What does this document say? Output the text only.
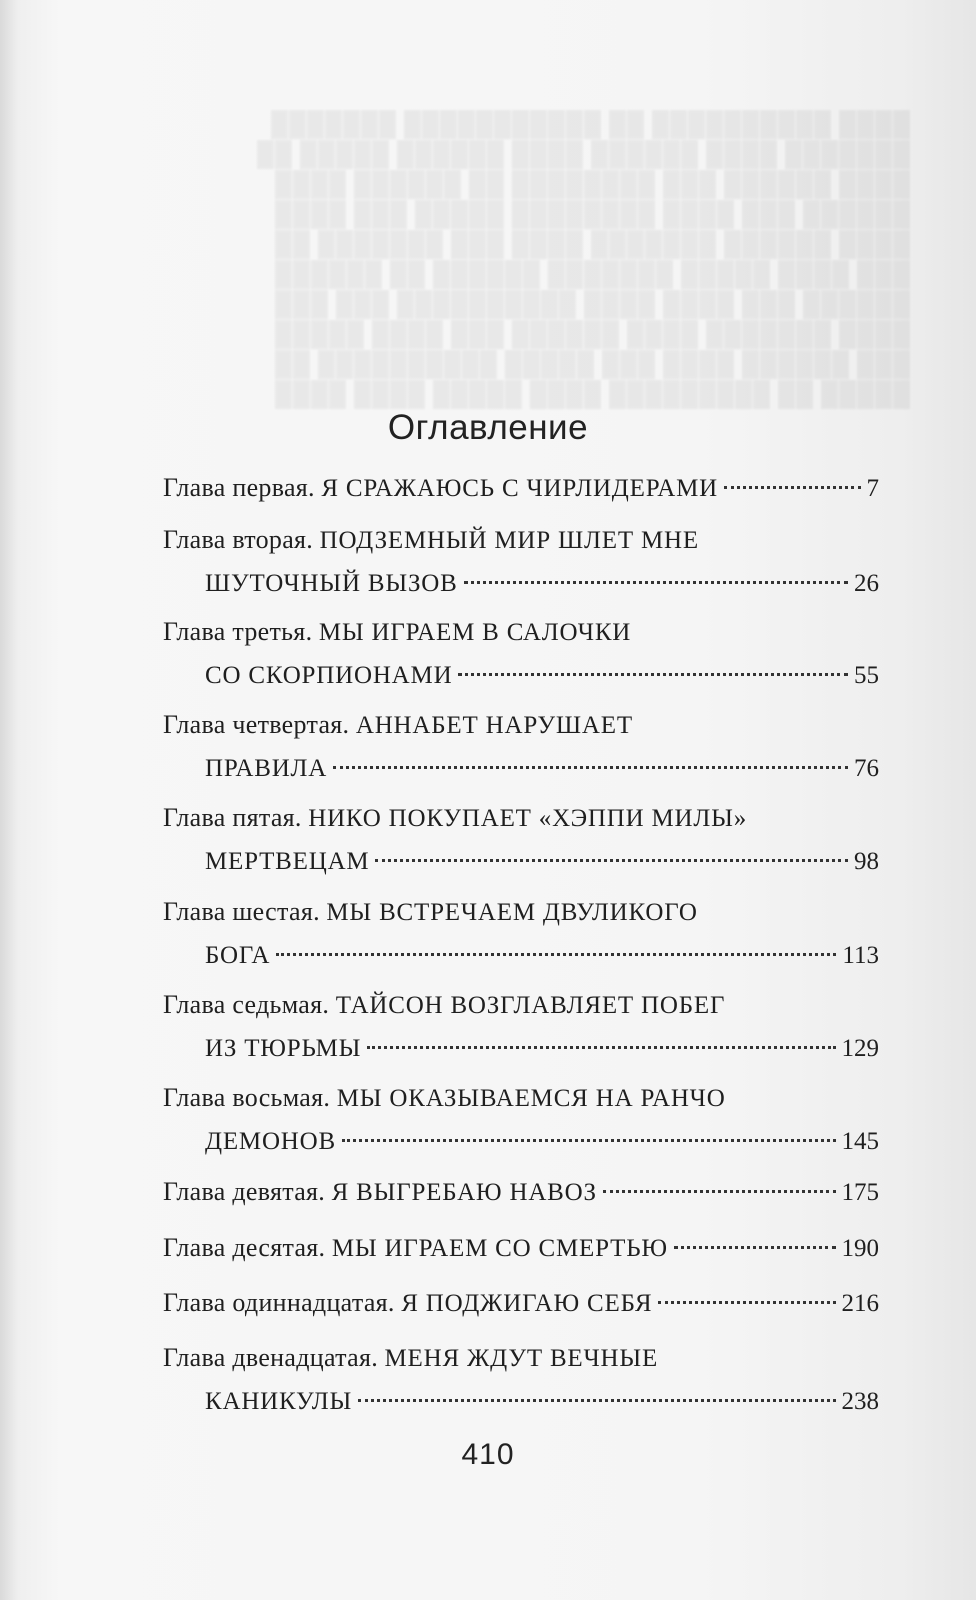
████ ██████████ ██ ███████████ ███████
███████ ████ ██████ ████ ██████ █████ ██
████ ██████ ███ ████████ ██ ██████ ████
██████ ███ ████ ████████ █████ ███ ████
████ ██████ ███████ ████ ███ ███████ ██
███ ████ █████ ███████ ██████ ██ ██████
██████ ███ ████ ████ ██████████ ███ ███
████ ███████ ████ ██████ ███ ████ █████
███ ██████ ████ ███ █████ ██████████ ██
█████ ██ █████████ ████ █████ ████ ████
Оглавление
Глава первая.
Я СРАЖАЮСЬ С ЧИРЛИДЕРАМИ	7
Глава вторая.
ПОДЗЕМНЫЙ МИР ШЛЕТ МНЕ
ШУТОЧНЫЙ ВЫЗОВ	26
Глава третья.
МЫ ИГРАЕМ В САЛОЧКИ
СО СКОРПИОНАМИ	55
Глава четвертая.
АННАБЕТ НАРУШАЕТ
ПРАВИЛА	76
Глава пятая.
НИКО ПОКУПАЕТ «ХЭППИ МИЛЫ»
МЕРТВЕЦАМ	98
Глава шестая.
МЫ ВСТРЕЧАЕМ ДВУЛИКОГО
БОГА	113
Глава седьмая.
ТАЙСОН ВОЗГЛАВЛЯЕТ ПОБЕГ
ИЗ ТЮРЬМЫ	129
Глава восьмая.
МЫ ОКАЗЫВАЕМСЯ НА РАНЧО
ДЕМОНОВ	145
Глава девятая.
Я ВЫГРЕБАЮ НАВОЗ	175
Глава десятая.
МЫ ИГРАЕМ СО СМЕРТЬЮ	190
Глава одиннадцатая.
Я ПОДЖИГАЮ СЕБЯ	216
Глава двенадцатая.
МЕНЯ ЖДУТ ВЕЧНЫЕ
КАНИКУЛЫ	238
410
